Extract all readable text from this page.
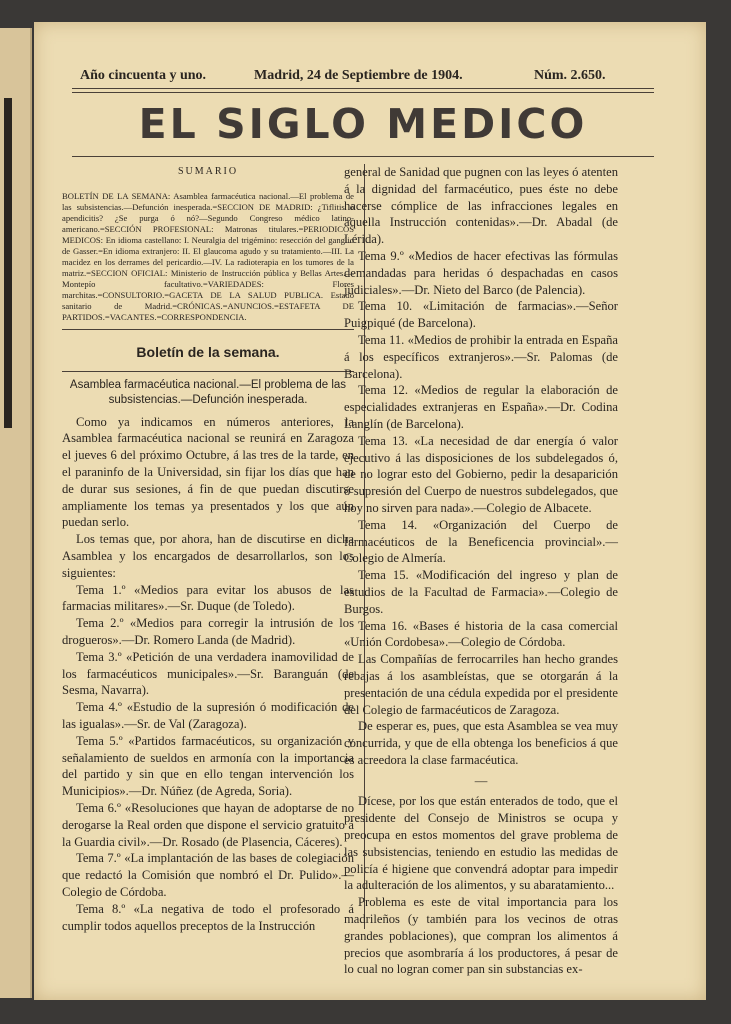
Año cincuenta y uno.	Madrid, 24 de Septiembre de 1904.	Núm. 2.650.
EL SIGLO MEDICO
SUMARIO
BOLETÍN DE LA SEMANA: Asamblea farmacéutica nacional.—El problema de las subsistencias.—Defunción inesperada.=SECCION DE MADRID: ¿Tiflitis ó apendicitis? ¿Se purga ó nó?—Segundo Congreso médico latino-americano.=SECCIÓN PROFESIONAL: Matronas titulares.=PERIODICOS MEDICOS: En idioma castellano: I. Neuralgia del trigémino: resección del ganglio de Gasser.=En idioma extranjero: II. El glaucoma agudo y su tratamiento.—III. La macidez en los derrames del pericardio.—IV. La radioterapia en los tumores de la matriz.=SECCION OFICIAL: Ministerio de Instrucción pública y Bellas Artes.—Montepío facultativo.=VARIEDADES: Flores marchitas.=CONSULTORIO.=GACETA DE LA SALUD PUBLICA. Estado sanitario de Madrid.=CRÓNICAS.=ANUNCIOS.=ESTAFETA DE PARTIDOS.=VACANTES.=CORRESPONDENCIA.
Boletín de la semana.
Asamblea farmacéutica nacional.—El problema de las subsistencias.—Defunción inesperada.

Como ya indicamos en números anteriores, la Asamblea farmacéutica nacional se reunirá en Zaragoza el jueves 6 del próximo Octubre, á las tres de la tarde, en el paraninfo de la Universidad, sin fijar los días que han de durar sus sesiones, á fin de que puedan discutirse ampliamente los temas ya presentados y los que aún puedan serlo.

Los temas que, por ahora, han de discutirse en dicha Asamblea y los encargados de desarrollarlos, son los siguientes:

Tema 1.º «Medios para evitar los abusos de las farmacias militares».—Sr. Duque (de Toledo).

Tema 2.º «Medios para corregir la intrusión de los drogueros».—Dr. Romero Landa (de Madrid).

Tema 3.º «Petición de una verdadera inamovilidad de los farmacéuticos municipales».—Sr. Baranguán (de Sesma, Navarra).

Tema 4.º «Estudio de la supresión ó modificación de las igualas».—Sr. de Val (Zaragoza).

Tema 5.º «Partidos farmacéuticos, su organización y señalamiento de sueldos en armonía con la importancia del partido y sin que en ello tengan intervención los Municipios».—Dr. Núñez (de Agreda, Soria).

Tema 6.º «Resoluciones que hayan de adoptarse de no derogarse la Real orden que dispone el servicio gratuito á la Guardia civil».—Dr. Rosado (de Plasencia, Cáceres).

Tema 7.º «La implantación de las bases de colegiación que redactó la Comisión que nombró el Dr. Pulido».—Colegio de Córdoba.

Tema 8.º «La negativa de todo el profesorado á cumplir todos aquellos preceptos de la Instrucción

general de Sanidad que pugnen con las leyes ó atenten á la dignidad del farmacéutico, pues éste no debe hacerse cómplice de las infracciones legales en aquella Instrucción contenidas».—Dr. Abadal (de Lérida).

Tema 9.º «Medios de hacer efectivas las fórmulas demandadas para heridas ó despachadas en casos judiciales».—Dr. Nieto del Barco (de Palencia).

Tema 10. «Limitación de farmacias».—Señor Puigpiqué (de Barcelona).

Tema 11. «Medios de prohibir la entrada en España á los específicos extranjeros».—Sr. Palomas (de Barcelona).

Tema 12. «Medios de regular la elaboración de especialidades extranjeras en España».—Dr. Codina Langlín (de Barcelona).

Tema 13. «La necesidad de dar energía ó valor ejecutivo á las disposiciones de los subdelegados ó, de no lograr esto del Gobierno, pedir la desaparición ó supresión del Cuerpo de nuestros subdelegados, que hoy no sirven para nada».—Colegio de Albacete.

Tema 14. «Organización del Cuerpo de farmacéuticos de la Beneficencia provincial».—Colegio de Almería.

Tema 15. «Modificación del ingreso y plan de estudios de la Facultad de Farmacia».—Colegio de Burgos.

Tema 16. «Bases é historia de la casa comercial «Unión Cordobesa».—Colegio de Córdoba.

Las Compañías de ferrocarriles han hecho grandes rebajas á los asambleístas, que se otorgarán á la presentación de una cédula expedida por el presidente del Colegio de farmacéuticos de Zaragoza.

De esperar es, pues, que esta Asamblea se vea muy concurrida, y que de ella obtenga los beneficios á que es acreedora la clase farmacéutica.

—

Dícese, por los que están enterados de todo, que el presidente del Consejo de Ministros se ocupa y preocupa en estos momentos del grave problema de las subsistencias, teniendo en estudio las medidas de policía é higiene que convendrá adoptar para impedir la adulteración de los alimentos, y su abaratamiento...

Problema es este de vital importancia para los madrileños (y también para los vecinos de otras grandes poblaciones), que compran los alimentos á precios que asombraría á los productores, á pesar de lo cual no logran comer pan sin substancias ex-
